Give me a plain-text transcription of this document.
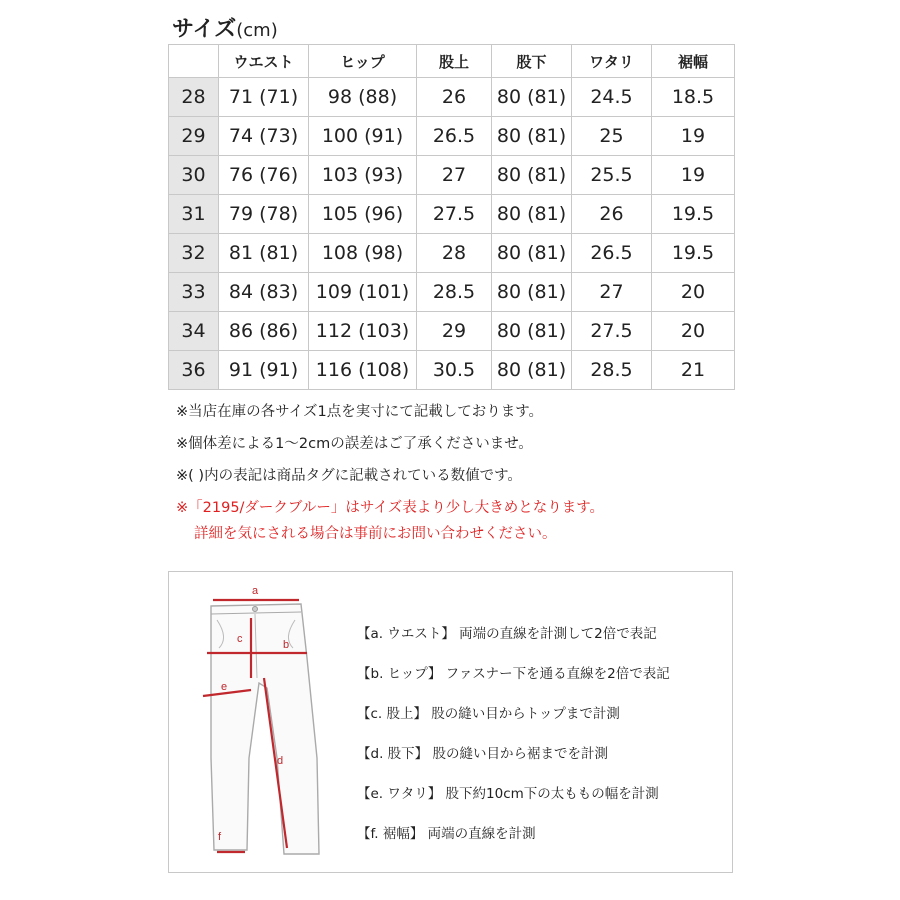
サイズ(cm)
	ウエスト	ヒップ	股上	股下	ワタリ	裾幅
28	71 (71)	98 (88)	26	80 (81)	24.5	18.5
29	74 (73)	100 (91)	26.5	80 (81)	25	19
30	76 (76)	103 (93)	27	80 (81)	25.5	19
31	79 (78)	105 (96)	27.5	80 (81)	26	19.5
32	81 (81)	108 (98)	28	80 (81)	26.5	19.5
33	84 (83)	109 (101)	28.5	80 (81)	27	20
34	86 (86)	112 (103)	29	80 (81)	27.5	20
36	91 (91)	116 (108)	30.5	80 (81)	28.5	21
※当店在庫の各サイズ1点を実寸にて記載しております。
※個体差による1～2cmの誤差はご了承くださいませ。
※( )内の表記は商品タグに記載されている数値です。
※「2195/ダークブルー」はサイズ表より少し大きめとなります。
詳細を気にされる場合は事前にお問い合わせください。
a
b
c
d
e
f
【a. ウエスト】 両端の直線を計測して2倍で表記
【b. ヒップ】 ファスナー下を通る直線を2倍で表記
【c. 股上】 股の縫い目からトップまで計測
【d. 股下】 股の縫い目から裾までを計測
【e. ワタリ】 股下約10cm下の太ももの幅を計測
【f. 裾幅】 両端の直線を計測
